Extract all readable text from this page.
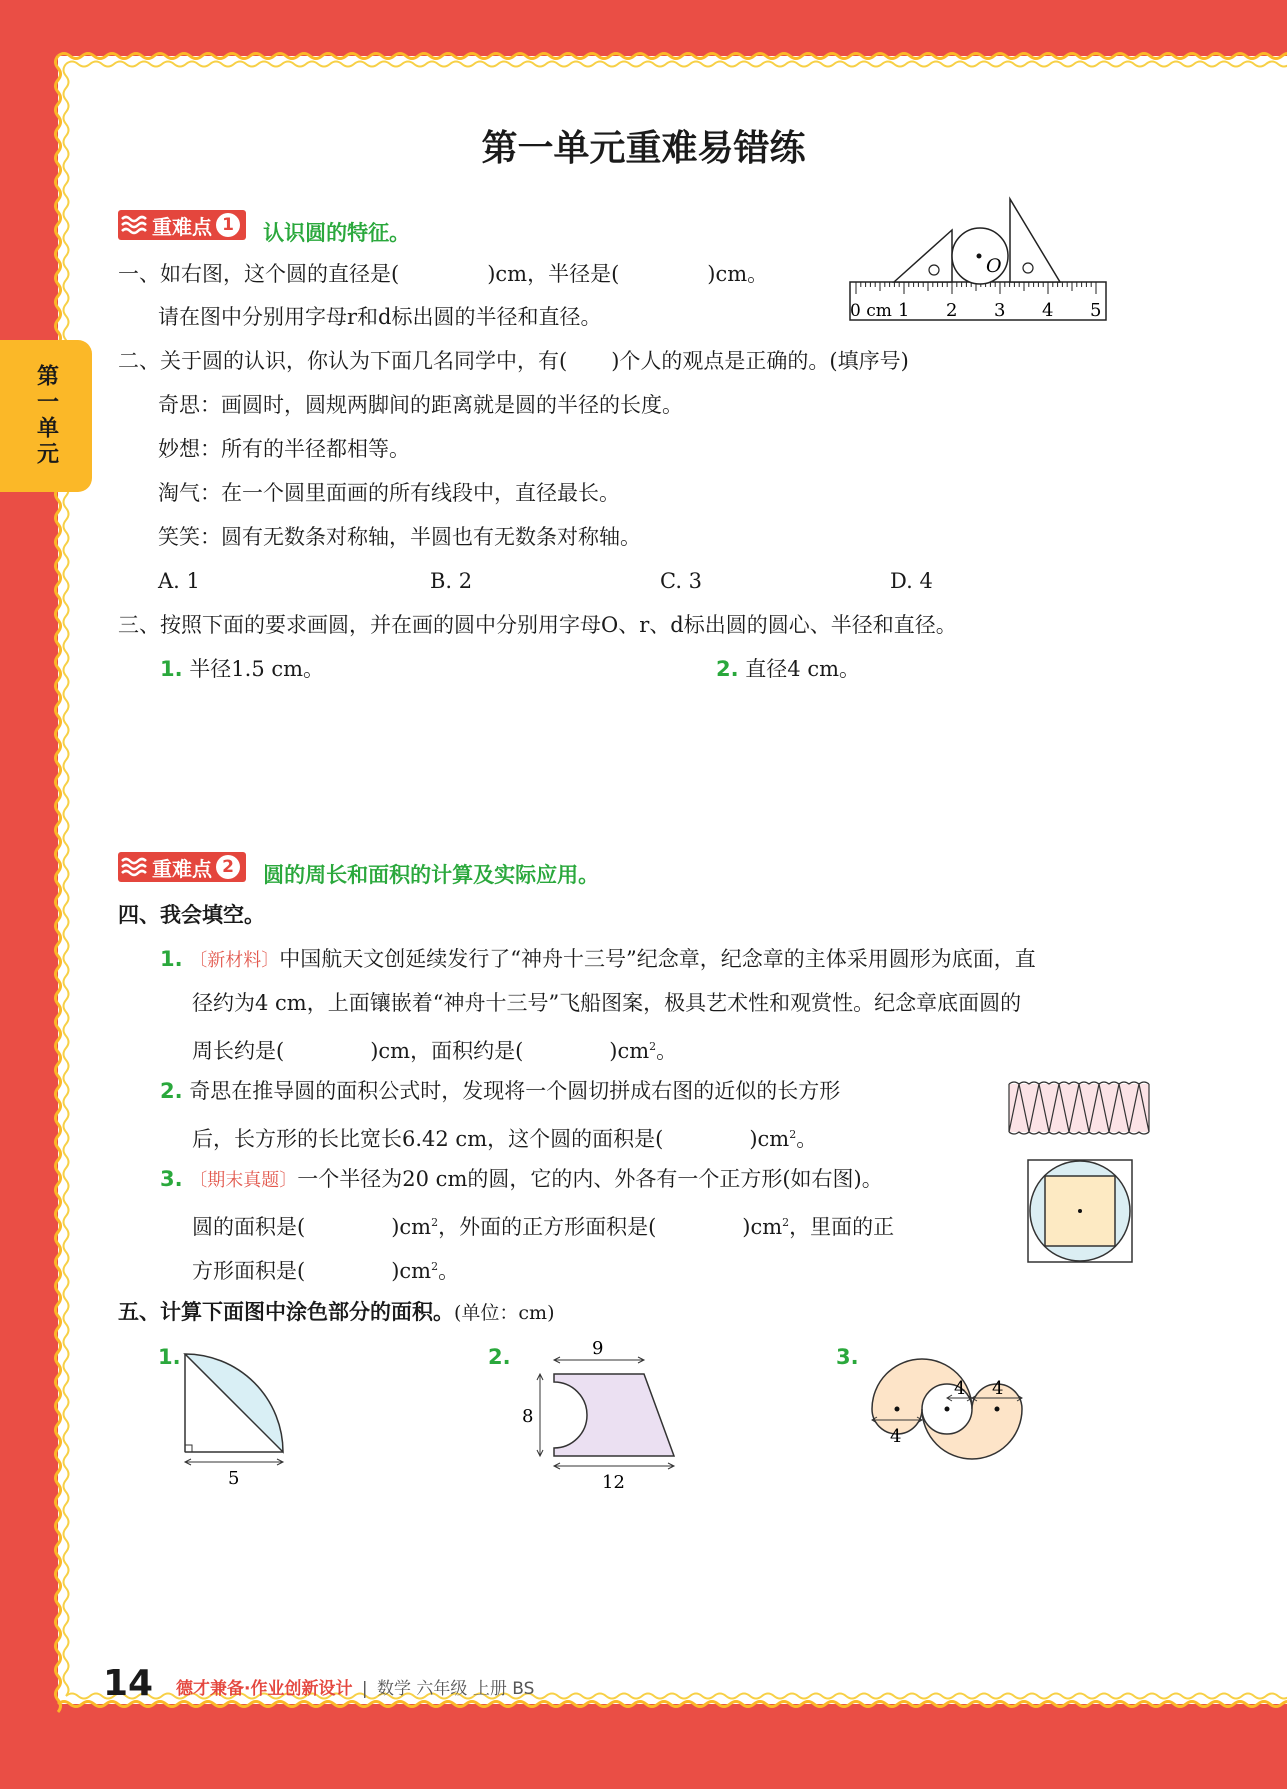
第一单元
第一单元重难易错练
重难点 1 认识圆的特征。
一、如右图，这个圆的直径是(	)cm，半径是(	)cm。
请在图中分别用字母r和d标出圆的半径和直径。
O
0 cm 1 2 3 4 5
二、关于圆的认识，你认为下面几名同学中，有( )个人的观点是正确的。(填序号)
奇思：画圆时，圆规两脚间的距离就是圆的半径的长度。
妙想：所有的半径都相等。
淘气：在一个圆里面画的所有线段中，直径最长。
笑笑：圆有无数条对称轴，半圆也有无数条对称轴。
A. 1	B. 2	C. 3	D. 4
三、按照下面的要求画圆，并在画的圆中分别用字母O、r、d标出圆的圆心、半径和直径。
1. 半径1.5 cm。	2. 直径4 cm。
重难点 2 圆的周长和面积的计算及实际应用。
四、我会填空。
1. 〔新材料〕中国航天文创延续发行了“神舟十三号”纪念章，纪念章的主体采用圆形为底面，直
径约为4 cm，上面镶嵌着“神舟十三号”飞船图案，极具艺术性和观赏性。纪念章底面圆的
周长约是(	)cm，面积约是(	)$cm^2$。
2. 奇思在推导圆的面积公式时，发现将一个圆切拼成右图的近似的长方形
后，长方形的长比宽长6.42 cm，这个圆的面积是(	)$cm^2$。
3. 〔期末真题〕一个半径为20 cm的圆，它的内、外各有一个正方形(如右图)。
圆的面积是(	)$cm^2$，外面的正方形面积是(	)$cm^2$，里面的正
方形面积是(	)$cm^2$。
五、计算下面图中涂色部分的面积。(单位：cm)
1.
5
2.	9
8
12
3.
4 4
4
14 德才兼备·作业创新设计 | 数学 六年级 上册 BS
